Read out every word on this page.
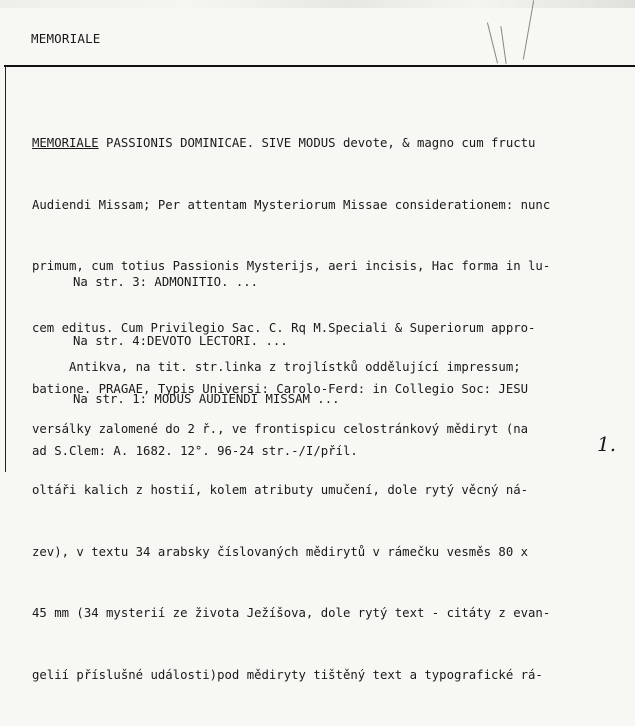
MEMORIALE

MEMORIALE PASSIONIS DOMINICAE. SIVE MODUS devote, & magno cum fructu

Audiendi Missam; Per attentam Mysteriorum Missae considerationem: nunc

primum, cum totius Passionis Mysterijs, aeri incisis, Hac forma in lu-

cem editus. Cum Privilegio Sac. C. Rq M.Speciali & Superiorum appro-

batione. PRAGAE, Typis Universi: Carolo-Ferd: in Collegio Soc: JESU

ad S.Clem: A. 1682. 12°. 96-24 str.-/I/příl.

Na str. 3: ADMONITIO. ...

Na str. 4:DEVOTO LECTORI. ...

Na str. 1: MODUS AUDIENDI MISSAM ...

Antikva, na tit. str.linka z trojlístků oddělující impressum;

versálky zalomené do 2 ř., ve frontispicu celostránkový mědiryt (na

oltáři kalich z hostií, kolem atributy umučení, dole rytý věcný ná-

zev), v textu 34 arabsky číslovaných mědirytů v rámečku vesměs 80 x

45 mm (34 mysterií ze života Ježíšova, dole rytý text - citáty z evan-

gelií příslušné události)pod mědiryty tištěný text a typografické rá-

1.
